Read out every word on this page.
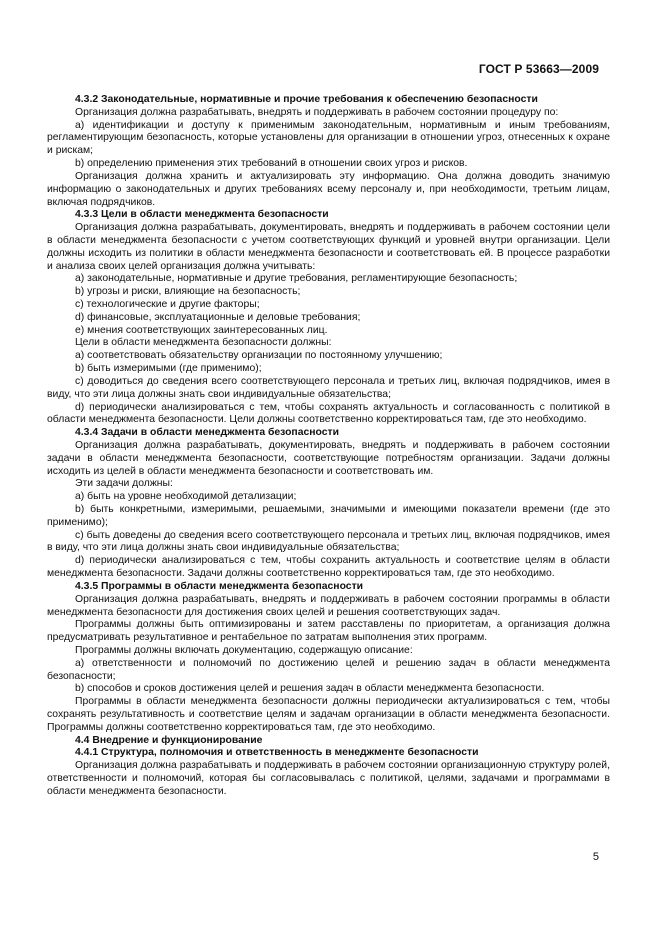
ГОСТ Р 53663—2009

4.3.2 Законодательные, нормативные и прочие требования к обеспечению безопасности

Организация должна разрабатывать, внедрять и поддерживать в рабочем состоянии процедуру по:

a) идентификации и доступу к применимым законодательным, нормативным и иным требованиям, регламентирующим безопасность, которые установлены для организации в отношении угроз, отнесенных к охране и рискам;

b) определению применения этих требований в отношении своих угроз и рисков.

Организация должна хранить и актуализировать эту информацию. Она должна доводить значимую информацию о законодательных и других требованиях всему персоналу и, при необходимости, третьим лицам, включая подрядчиков.

4.3.3 Цели в области менеджмента безопасности

Организация должна разрабатывать, документировать, внедрять и поддерживать в рабочем состоянии цели в области менеджмента безопасности с учетом соответствующих функций и уровней внутри организации. Цели должны исходить из политики в области менеджмента безопасности и соответствовать ей. В процессе разработки и анализа своих целей организация должна учитывать:

a) законодательные, нормативные и другие требования, регламентирующие безопасность;

b) угрозы и риски, влияющие на безопасность;

c) технологические и другие факторы;

d) финансовые, эксплуатационные и деловые требования;

e) мнения соответствующих заинтересованных лиц.

Цели в области менеджмента безопасности должны:

a) соответствовать обязательству организации по постоянному улучшению;

b) быть измеримыми (где применимо);

c) доводиться до сведения всего соответствующего персонала и третьих лиц, включая подрядчиков, имея в виду, что эти лица должны знать свои индивидуальные обязательства;

d) периодически анализироваться с тем, чтобы сохранять актуальность и согласованность с политикой в области менеджмента безопасности. Цели должны соответственно корректироваться там, где это необходимо.

4.3.4 Задачи в области менеджмента безопасности

Организация должна разрабатывать, документировать, внедрять и поддерживать в рабочем состоянии задачи в области менеджмента безопасности, соответствующие потребностям организации. Задачи должны исходить из целей в области менеджмента безопасности и соответствовать им.

Эти задачи должны:

a) быть на уровне необходимой детализации;

b) быть конкретными, измеримыми, решаемыми, значимыми и имеющими показатели времени (где это применимо);

c) быть доведены до сведения всего соответствующего персонала и третьих лиц, включая подрядчиков, имея в виду, что эти лица должны знать свои индивидуальные обязательства;

d) периодически анализироваться с тем, чтобы сохранить актуальность и соответствие целям в области менеджмента безопасности. Задачи должны соответственно корректироваться там, где это необходимо.

4.3.5 Программы в области менеджмента безопасности

Организация должна разрабатывать, внедрять и поддерживать в рабочем состоянии программы в области менеджмента безопасности для достижения своих целей и решения соответствующих задач.

Программы должны быть оптимизированы и затем расставлены по приоритетам, а организация должна предусматривать результативное и рентабельное по затратам выполнения этих программ.

Программы должны включать документацию, содержащую описание:

a) ответственности и полномочий по достижению целей и решению задач в области менеджмента безопасности;

b) способов и сроков достижения целей и решения задач в области менеджмента безопасности.

Программы в области менеджмента безопасности должны периодически актуализироваться с тем, чтобы сохранять результативность и соответствие целям и задачам организации в области менеджмента безопасности. Программы должны соответственно корректироваться там, где это необходимо.

4.4 Внедрение и функционирование

4.4.1 Структура, полномочия и ответственность в менеджменте безопасности

Организация должна разрабатывать и поддерживать в рабочем состоянии организационную структуру ролей, ответственности и полномочий, которая бы согласовывалась с политикой, целями, задачами и программами в области менеджмента безопасности.

5
